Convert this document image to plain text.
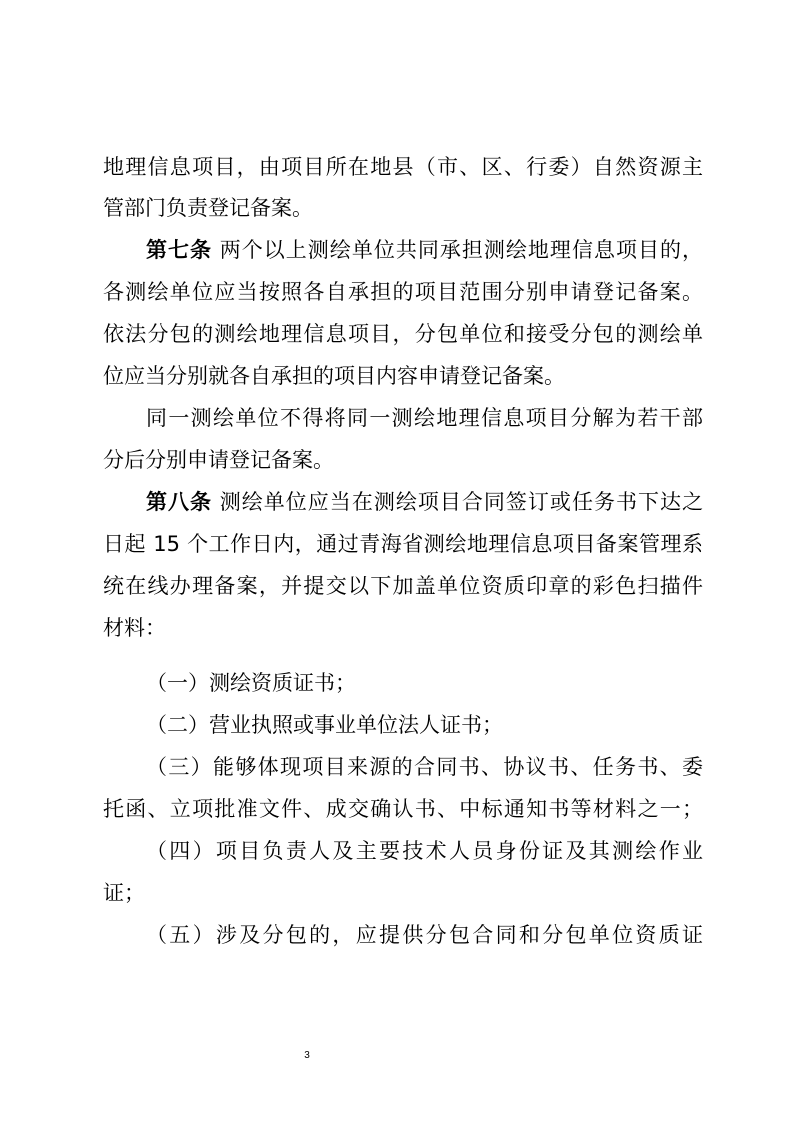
地理信息项目，由项目所在地县（市、区、行委）自然资源主
管部门负责登记备案。
第七条 两个以上测绘单位共同承担测绘地理信息项目的，
各测绘单位应当按照各自承担的项目范围分别申请登记备案。
依法分包的测绘地理信息项目，分包单位和接受分包的测绘单
位应当分别就各自承担的项目内容申请登记备案。
同一测绘单位不得将同一测绘地理信息项目分解为若干部
分后分别申请登记备案。
第八条 测绘单位应当在测绘项目合同签订或任务书下达之
日起 15 个工作日内，通过青海省测绘地理信息项目备案管理系
统在线办理备案，并提交以下加盖单位资质印章的彩色扫描件
材料：
（一）测绘资质证书；
（二）营业执照或事业单位法人证书；
（三）能够体现项目来源的合同书、协议书、任务书、委
托函、立项批准文件、成交确认书、中标通知书等材料之一；
（四）项目负责人及主要技术人员身份证及其测绘作业
证；
（五）涉及分包的，应提供分包合同和分包单位资质证
3
